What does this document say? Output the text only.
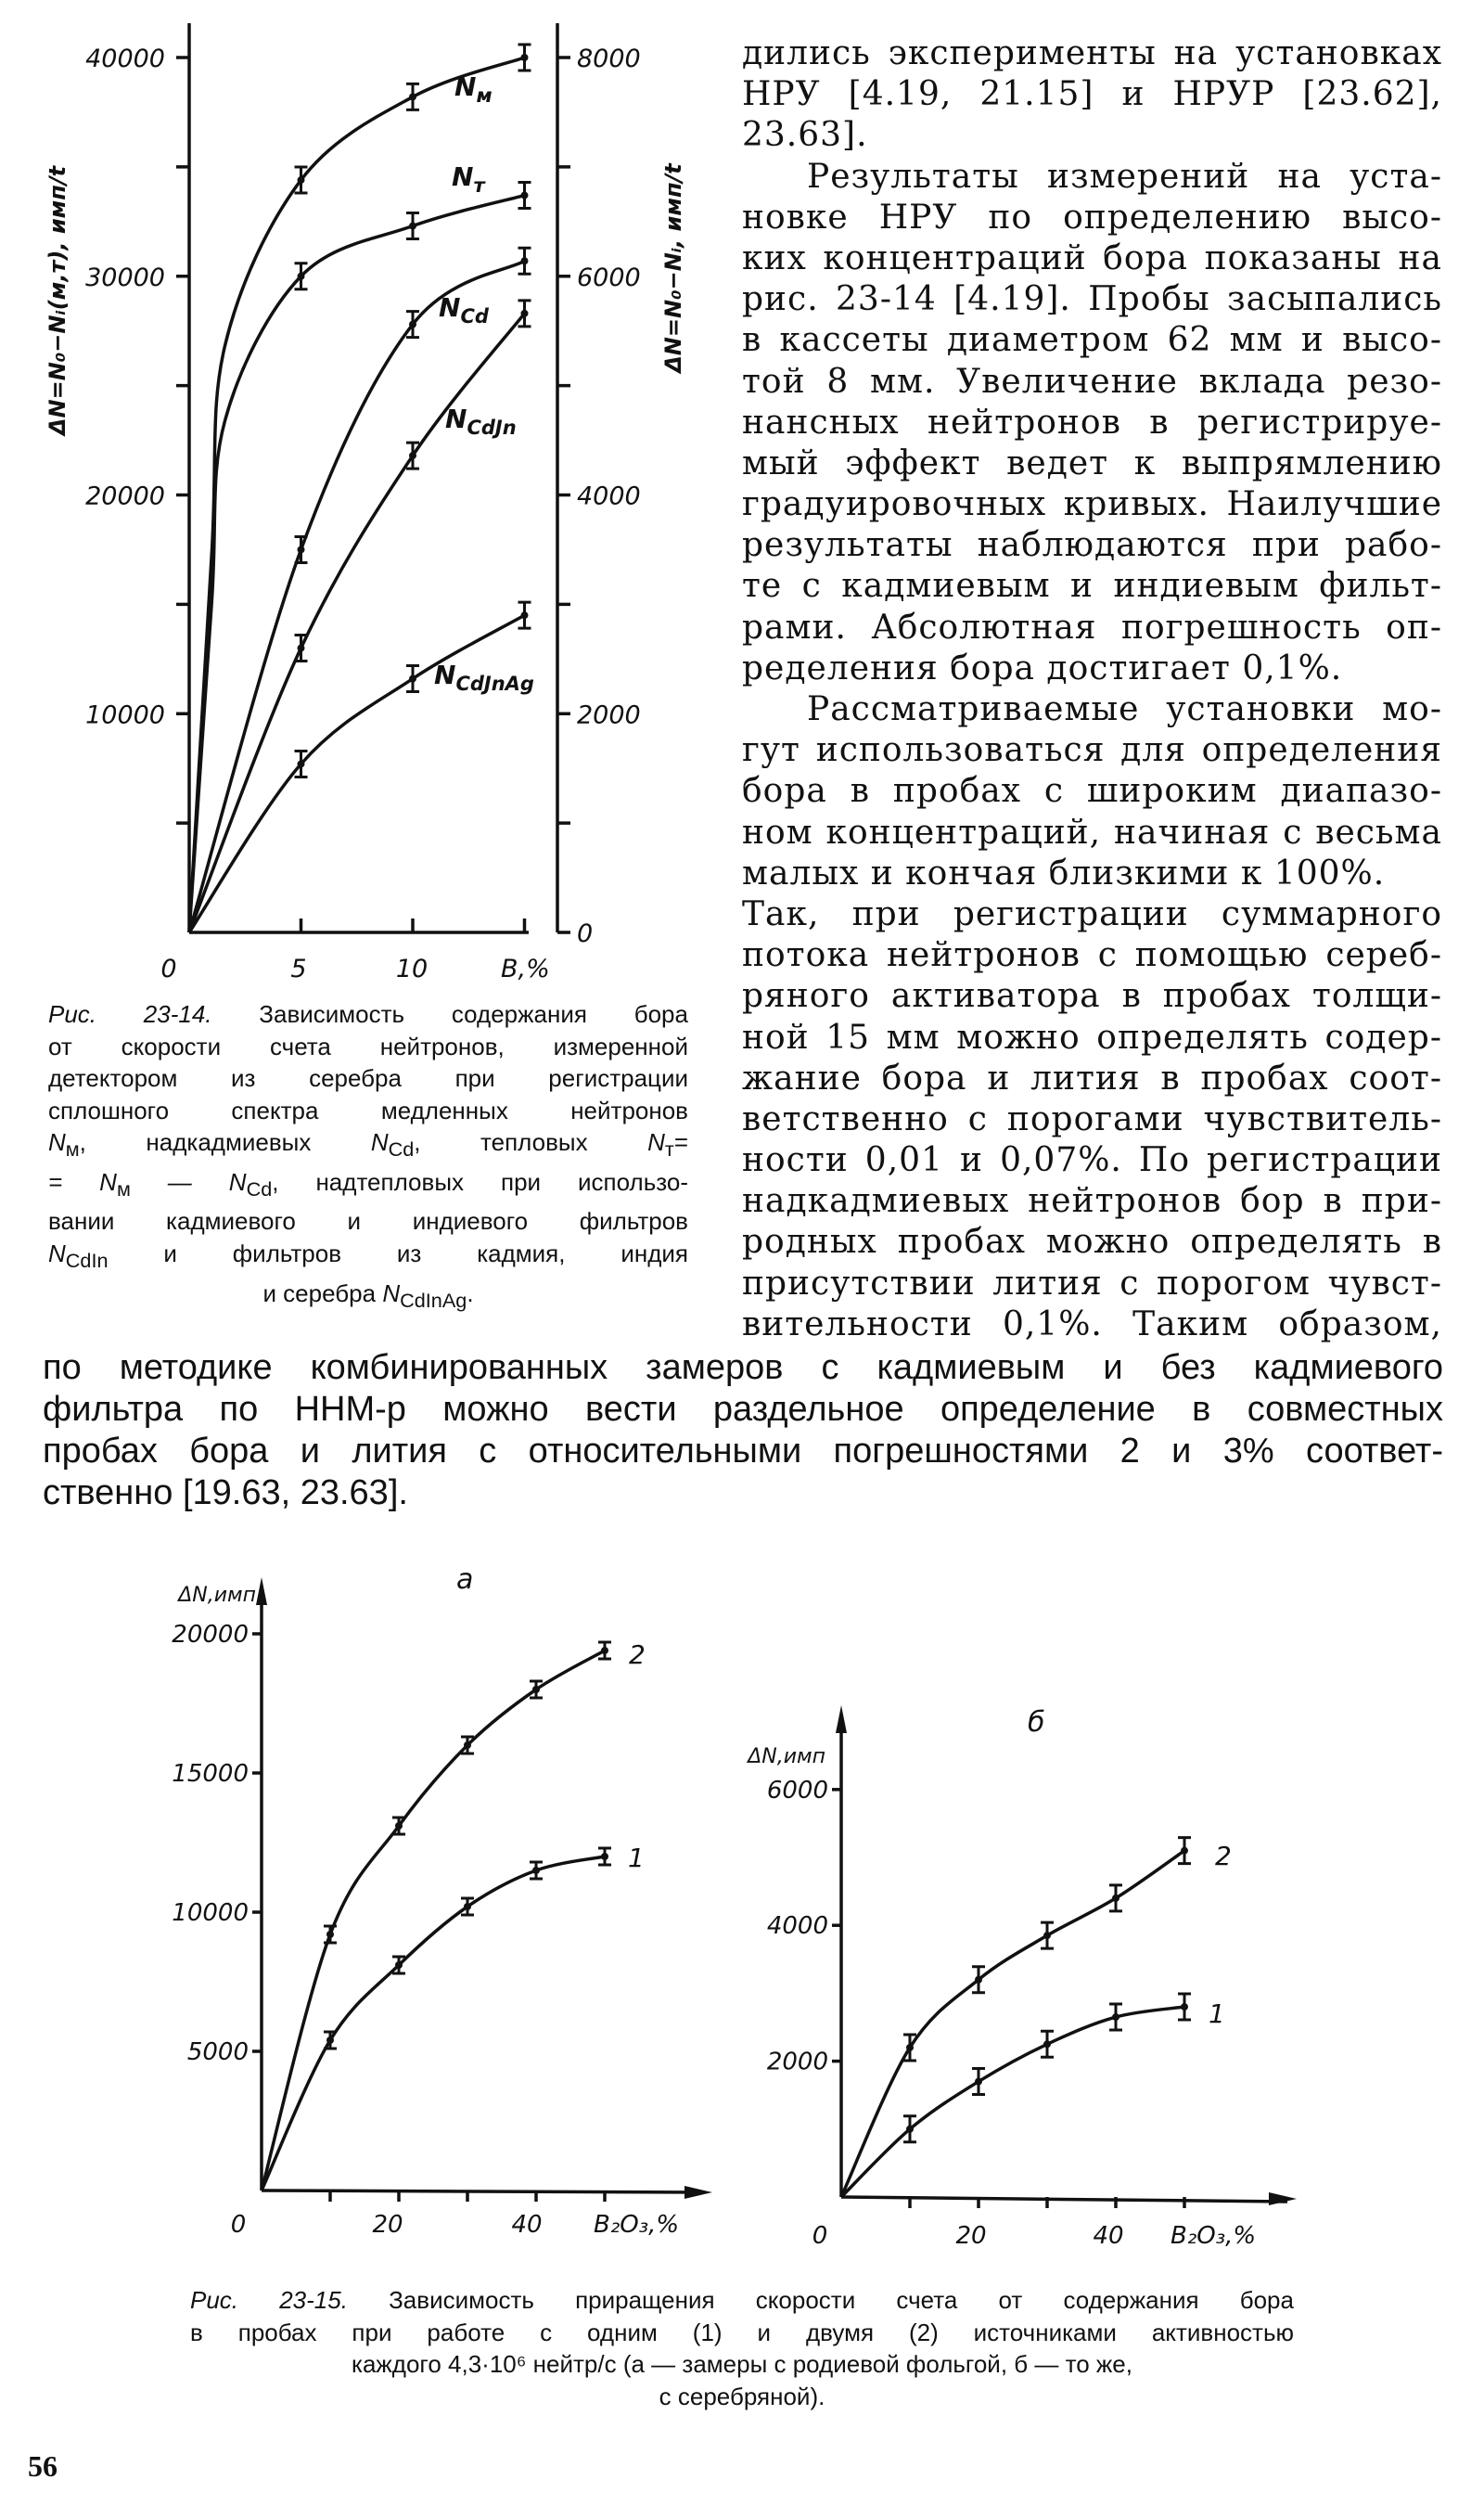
10000
20000
30000
40000
0
2000
4000
6000
8000
0	5	10	B,%
ΔN=N₀−Nᵢ(м,т), имп/t	ΔN=N₀−Nᵢ, имп/t
$N_м$
$N_т$
$N_{Cd}$
$N_{CdJn}$
$N_{CdJnAg}$
5000
10000
15000
20000
0	20	40 B₂O₃,%
а
ΔN,имп
2
1
2000
4000
6000
0	20	40 B₂O₃,%
б
ΔN,имп
2
1
дились эксперименты на установках
НРУ [4.19, 21.15] и НРУР [23.62],
23.63].
Результаты измерений на уста-
новке НРУ по определению высо-
ких концентраций бора показаны на
рис. 23-14 [4.19]. Пробы засыпались
в кассеты диаметром 62 мм и высо-
той 8 мм. Увеличение вклада резо-
нансных нейтронов в регистрируе-
мый эффект ведет к выпрямлению
градуировочных кривых. Наилучшие
результаты наблюдаются при рабо-
те с кадмиевым и индиевым фильт-
рами. Абсолютная погрешность оп-
ределения бора достигает 0,1%.
Рассматриваемые установки мо-
гут использоваться для определения
бора в пробах с широким диапазо-
ном концентраций, начиная с весьма
малых и кончая близкими к 100%.
Так, при регистрации суммарного
потока нейтронов с помощью сереб-
ряного активатора в пробах толщи-
ной 15 мм можно определять содер-
жание бора и лития в пробах соот-
ветственно с порогами чувствитель-
ности 0,01 и 0,07%. По регистрации
надкадмиевых нейтронов бор в при-
родных пробах можно определять в
присутствии лития с порогом чувст-
вительности 0,1%. Таким образом,
по методике комбинированных замеров с кадмиевым и без кадмиевого
фильтра по ННМ-р можно вести раздельное определение в совместных
пробах бора и лития с относительными погрешностями 2 и 3% соответ-
ственно [19.63, 23.63].
Рис. 23-14. Зависимость содержания бора
от скорости счета нейтронов, измеренной
детектором из серебра при регистрации
сплошного спектра медленных нейтронов
$N_м$, надкадмиевых $N_{Cd}$, тепловых $N_т=$
= $N_м$ — $N_{Cd}$, надтепловых при использо-
вании кадмиевого и индиевого фильтров
$N_{CdIn}$ и фильтров из кадмия, индия
и серебра $N_{CdInAg}$.
Рис. 23-15. Зависимость приращения скорости счета от содержания бора
в пробах при работе с одним (1) и двумя (2) источниками активностью
каждого 4,3·10⁶ нейтр/с (а — замеры с родиевой фольгой, б — то же,
с серебряной).
56
